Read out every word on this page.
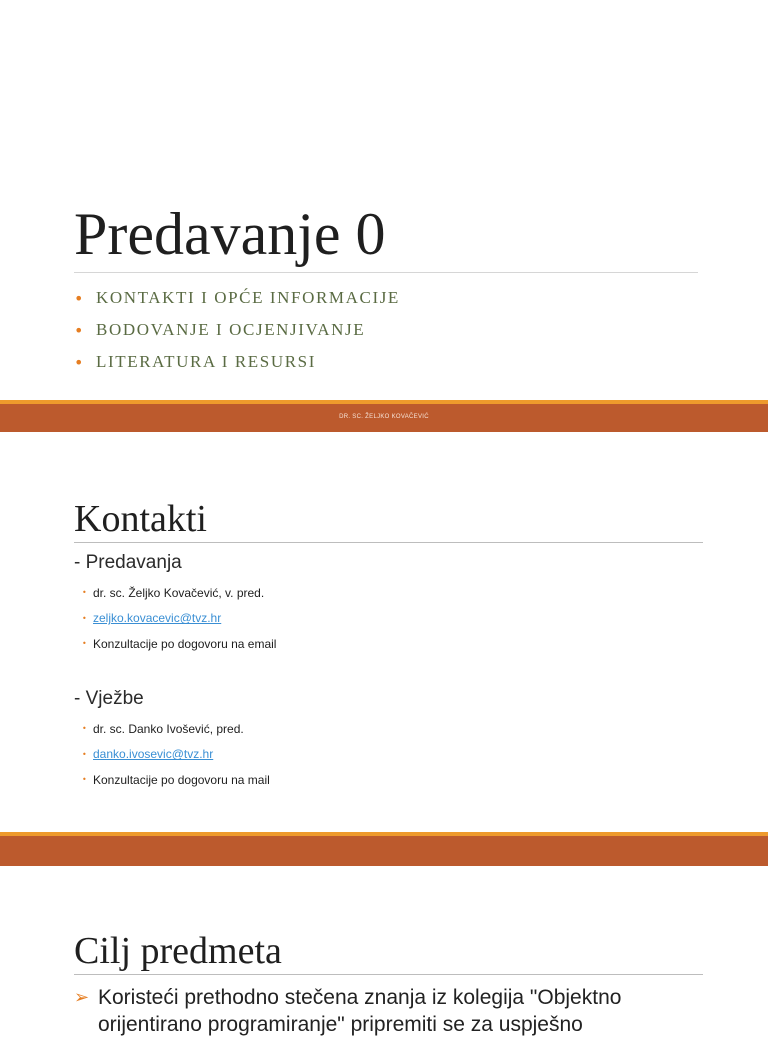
Predavanje 0
• KONTAKTI I OPĆE INFORMACIJE
• BODOVANJE I OCJENJIVANJE
• LITERATURA I RESURSI
DR. SC. ŽELJKO KOVAČEVIĆ
Kontakti
- Predavanja
• dr. sc. Željko Kovačević, v. pred.
• zeljko.kovacevic@tvz.hr
• Konzultacije po dogovoru na email
- Vježbe
• dr. sc. Danko Ivošević, pred.
• danko.ivosevic@tvz.hr
• Konzultacije po dogovoru na mail
Cilj predmeta
➢ Koristeći prethodno stečena znanja iz kolegija "Objektno orijentirano programiranje" pripremiti se za uspješno
